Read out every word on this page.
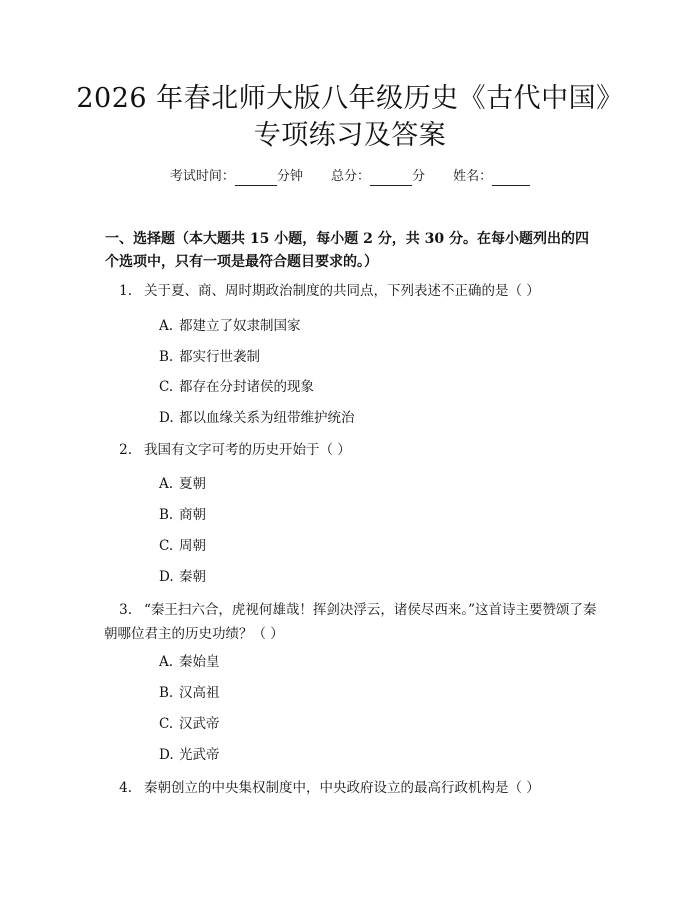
2026 年春北师大版八年级历史《古代中国》
专项练习及答案
考试时间：	分钟 总分：	分 姓名：

一、选择题（本大题共 15 小题，每小题 2 分，共 30 分。在每小题列出的四个选项中，只有一项是最符合题目要求的。）

1. 关于夏、商、周时期政治制度的共同点，下列表述不正确的是（ ）
A. 都建立了奴隶制国家
B. 都实行世袭制
C. 都存在分封诸侯的现象
D. 都以血缘关系为纽带维护统治
2. 我国有文字可考的历史开始于（ ）
A. 夏朝
B. 商朝
C. 周朝
D. 秦朝
3. “秦王扫六合，虎视何雄哉！挥剑决浮云，诸侯尽西来。”这首诗主要赞颂了秦朝哪位君主的历史功绩？（ ）
A. 秦始皇
B. 汉高祖
C. 汉武帝
D. 光武帝
4. 秦朝创立的中央集权制度中，中央政府设立的最高行政机构是（ ）
